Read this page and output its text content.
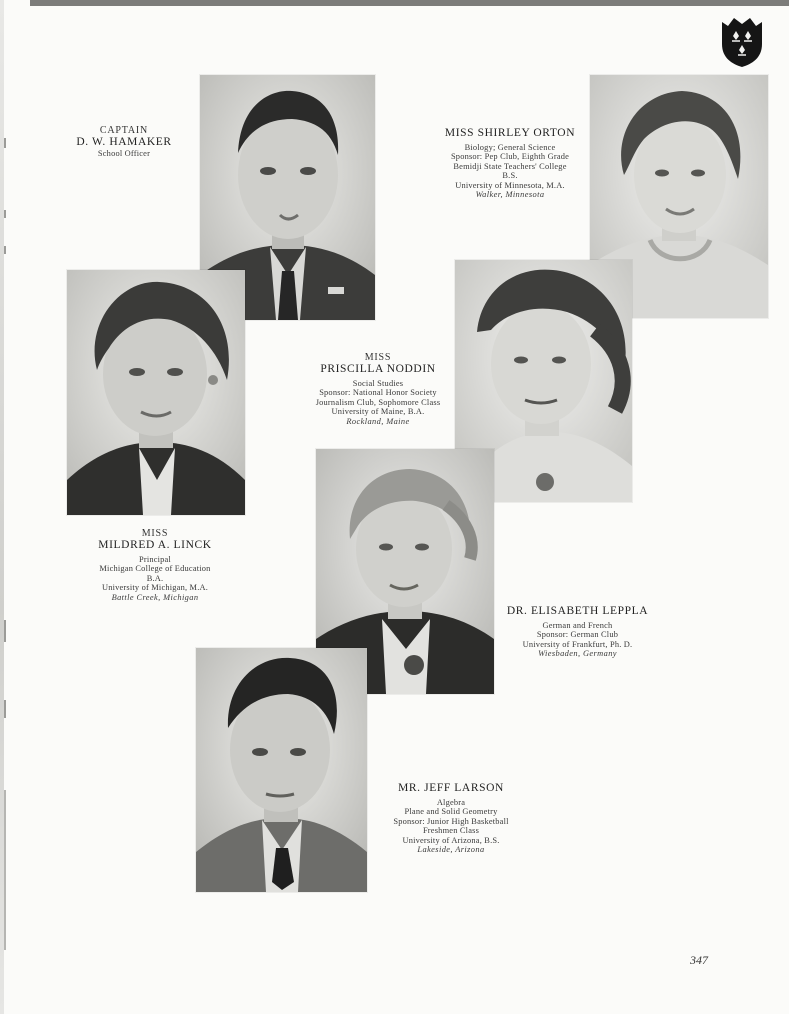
CAPTAIN
D. W. HAMAKER
School Officer
MISS SHIRLEY ORTON
Biology; General Science
Sponsor: Pep Club, Eighth Grade
Bemidji State Teachers' College
B.S.
University of Minnesota, M.A.
Walker, Minnesota
MISS
PRISCILLA NODDIN
Social Studies
Sponsor: National Honor Society
Journalism Club, Sophomore Class
University of Maine, B.A.
Rockland, Maine
MISS
MILDRED A. LINCK
Principal
Michigan College of Education
B.A.
University of Michigan, M.A.
Battle Creek, Michigan
DR. ELISABETH LEPPLA
German and French
Sponsor: German Club
University of Frankfurt, Ph. D.
Wiesbaden, Germany
MR. JEFF LARSON
Algebra
Plane and Solid Geometry
Sponsor: Junior High Basketball
Freshmen Class
University of Arizona, B.S.
Lakeside, Arizona
347
